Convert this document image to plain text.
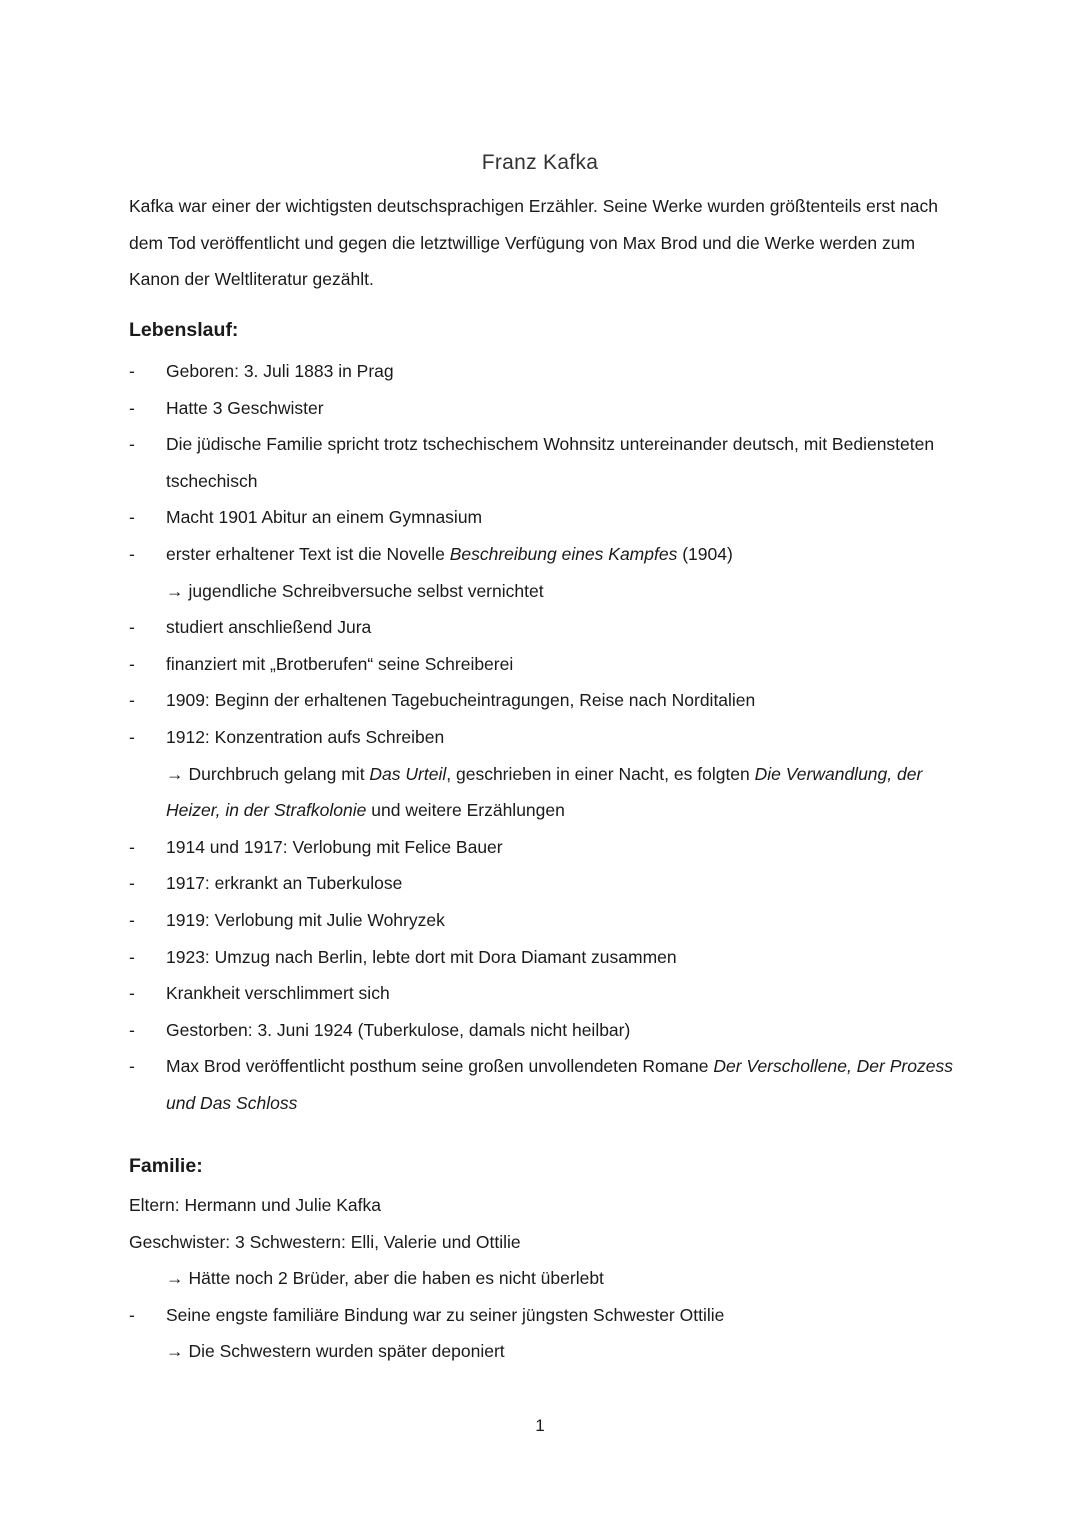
Franz Kafka

Kafka war einer der wichtigsten deutschsprachigen Erzähler. Seine Werke wurden größtenteils erst nach dem Tod veröffentlicht und gegen die letztwillige Verfügung von Max Brod und die Werke werden zum Kanon der Weltliteratur gezählt.

Lebenslauf:
- Geboren: 3. Juli 1883 in Prag
- Hatte 3 Geschwister
- Die jüdische Familie spricht trotz tschechischem Wohnsitz untereinander deutsch, mit Bediensteten tschechisch
- Macht 1901 Abitur an einem Gymnasium
- erster erhaltener Text ist die Novelle Beschreibung eines Kampfes (1904)
→ jugendliche Schreibversuche selbst vernichtet
- studiert anschließend Jura
- finanziert mit „Brotberufen“ seine Schreiberei
- 1909: Beginn der erhaltenen Tagebucheintragungen, Reise nach Norditalien
- 1912: Konzentration aufs Schreiben
→ Durchbruch gelang mit Das Urteil, geschrieben in einer Nacht, es folgten Die Verwandlung, der Heizer, in der Strafkolonie und weitere Erzählungen
- 1914 und 1917: Verlobung mit Felice Bauer
- 1917: erkrankt an Tuberkulose
- 1919: Verlobung mit Julie Wohryzek
- 1923: Umzug nach Berlin, lebte dort mit Dora Diamant zusammen
- Krankheit verschlimmert sich
- Gestorben: 3. Juni 1924 (Tuberkulose, damals nicht heilbar)
- Max Brod veröffentlicht posthum seine großen unvollendeten Romane Der Verschollene, Der Prozess und Das Schloss
Familie:
Eltern: Hermann und Julie Kafka
Geschwister: 3 Schwestern: Elli, Valerie und Ottilie
→ Hätte noch 2 Brüder, aber die haben es nicht überlebt
- Seine engste familiäre Bindung war zu seiner jüngsten Schwester Ottilie
→ Die Schwestern wurden später deponiert

1
